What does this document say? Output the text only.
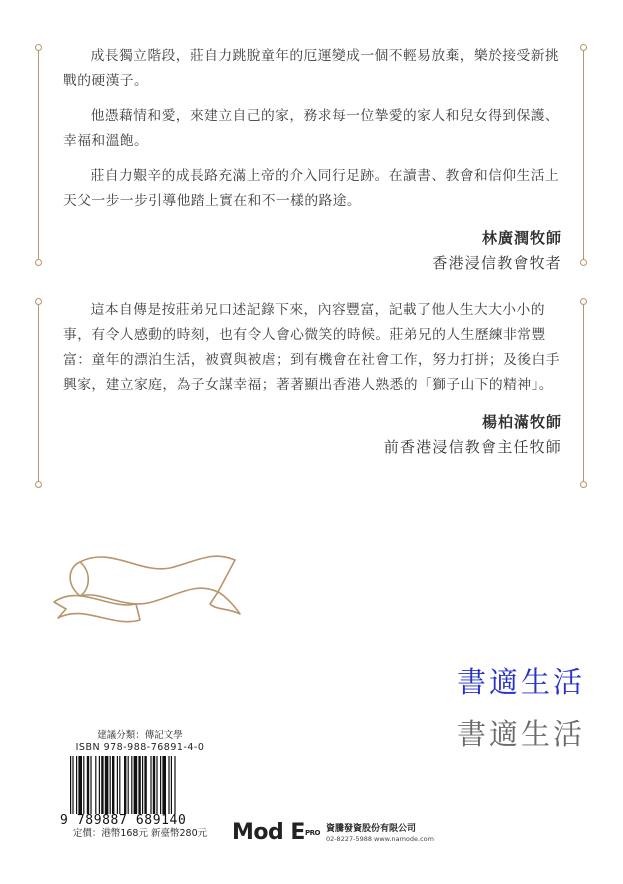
成長獨立階段，莊自力跳脫童年的厄運變成一個不輕易放棄，樂於接受新挑戰的硬漢子。

他憑藉情和愛，來建立自己的家，務求每一位摯愛的家人和兒女得到保護、幸福和溫飽。

莊自力艱辛的成長路充滿上帝的介入同行足跡。在讀書、教會和信仰生活上天父一步一步引導他踏上實在和不一樣的路途。

林廣潤牧師
香港浸信教會牧者

這本自傳是按莊弟兄口述記錄下來，內容豐富，記載了他人生大大小小的事，有令人感動的時刻，也有令人會心微笑的時候。莊弟兄的人生歷練非常豐富：童年的漂泊生活，被賣與被虐；到有機會在社會工作，努力打拼；及後白手興家，建立家庭，為子女謀幸福；著著顯出香港人熟悉的「獅子山下的精神」。

楊柏滿牧師
前香港浸信教會主任牧師
書適生活
書適生活
建議分類：傳記文學
ISBN 978-988-76891-4-0
9 789887 689140
定價：港幣168元 新臺幣280元	Mod $E^{PRO}$ 資騰發資股份有限公司
02-8227-5988 www.namode.com
